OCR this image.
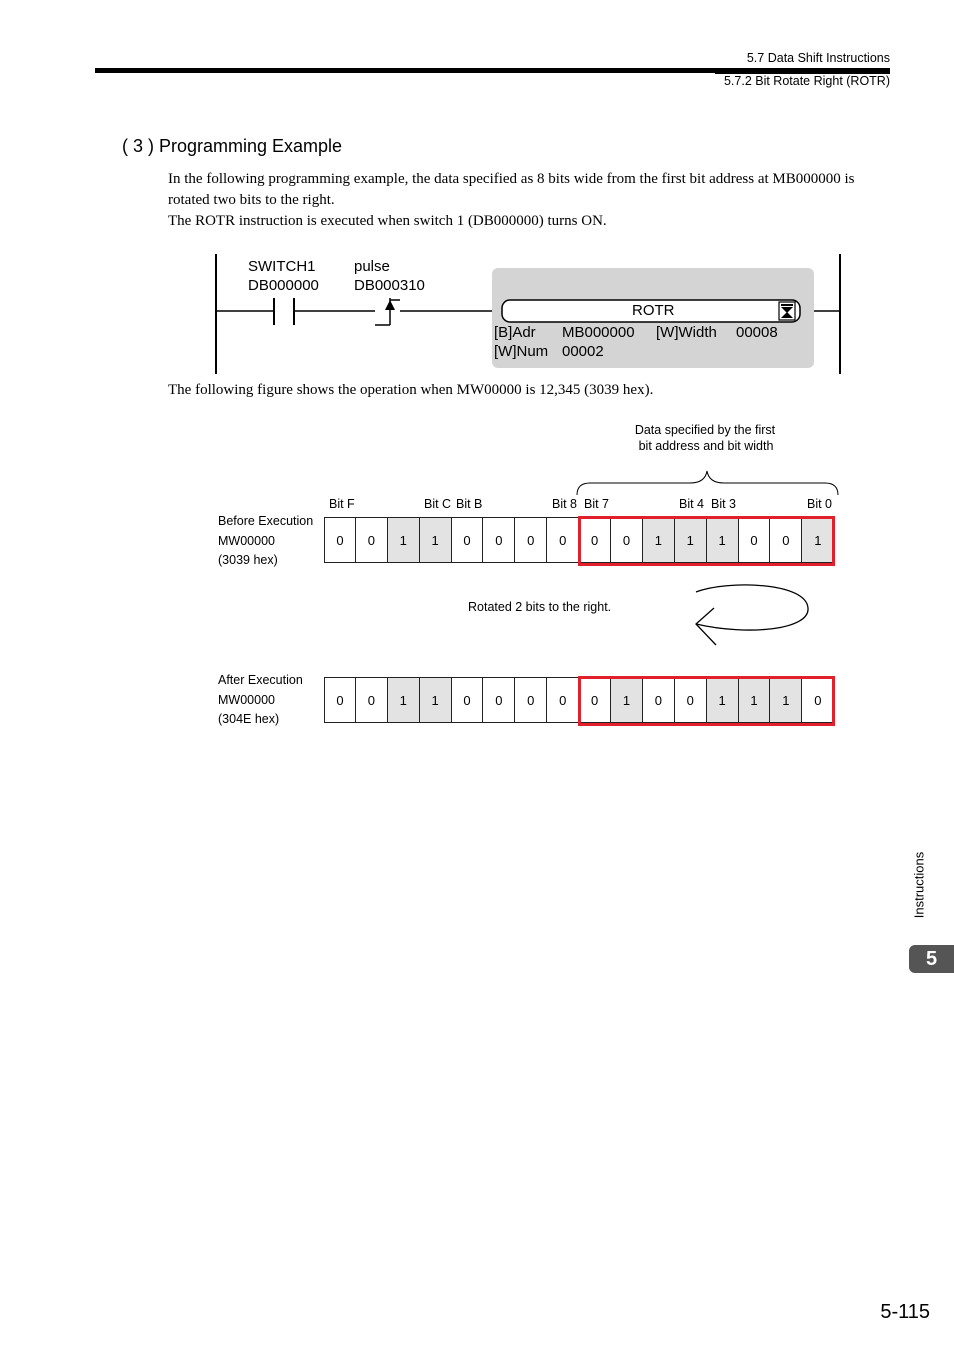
5.7 Data Shift Instructions
5.7.2 Bit Rotate Right (ROTR)
( 3 ) Programming Example
In the following programming example, the data specified as 8 bits wide from the first bit address at MB000000 is rotated two bits to the right.
The ROTR instruction is executed when switch 1 (DB000000) turns ON.
SWITCH1
DB000000
pulse
DB000310
ROTR
[B]Adr MB000000 [W]Width 00008
[W]Num 00002
The following figure shows the operation when MW00000 is 12,345 (3039 hex).
Data specified by the first
bit address and bit width
Bit F	Bit C Bit B	Bit 8 Bit 7	Bit 4 Bit 3	Bit 0
Before Execution
MW00000
(3039 hex)
0	0	1	1	0	0	0	0	0	0	1	1	1	0	0	1
Rotated 2 bits to the right.
After Execution
MW00000
(304E hex)
0	0	1	1	0	0	0	0	0	1	0	0	1	1	1	0
Instructions
5
5-115
